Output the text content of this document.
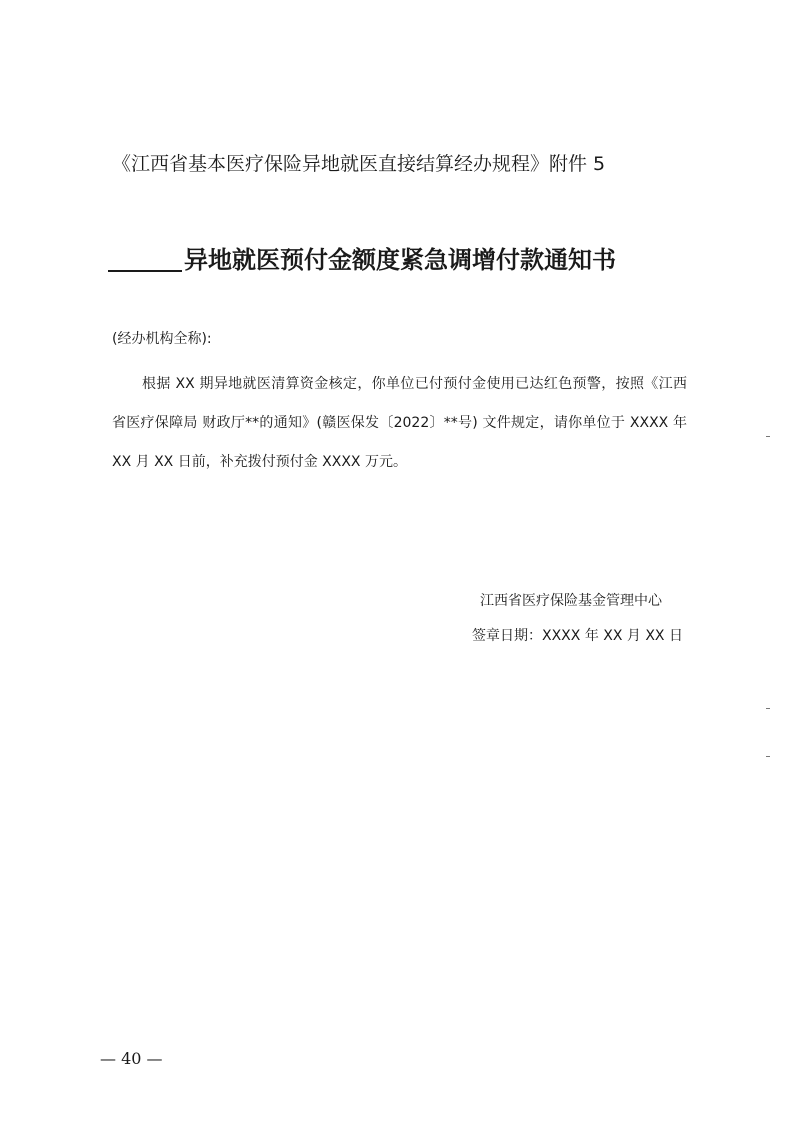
《江西省基本医疗保险异地就医直接结算经办规程》附件 5
异地就医预付金额度紧急调增付款通知书
(经办机构全称):
根据 XX 期异地就医清算资金核定，你单位已付预付金使用已达红色预警，按照《江西省医疗保障局 财政厅**的通知》(赣医保发〔2022〕**号) 文件规定，请你单位于 XXXX 年 XX 月 XX 日前，补充拨付预付金 XXXX 万元。
江西省医疗保险基金管理中心
签章日期：XXXX 年 XX 月 XX 日
— 40 —
